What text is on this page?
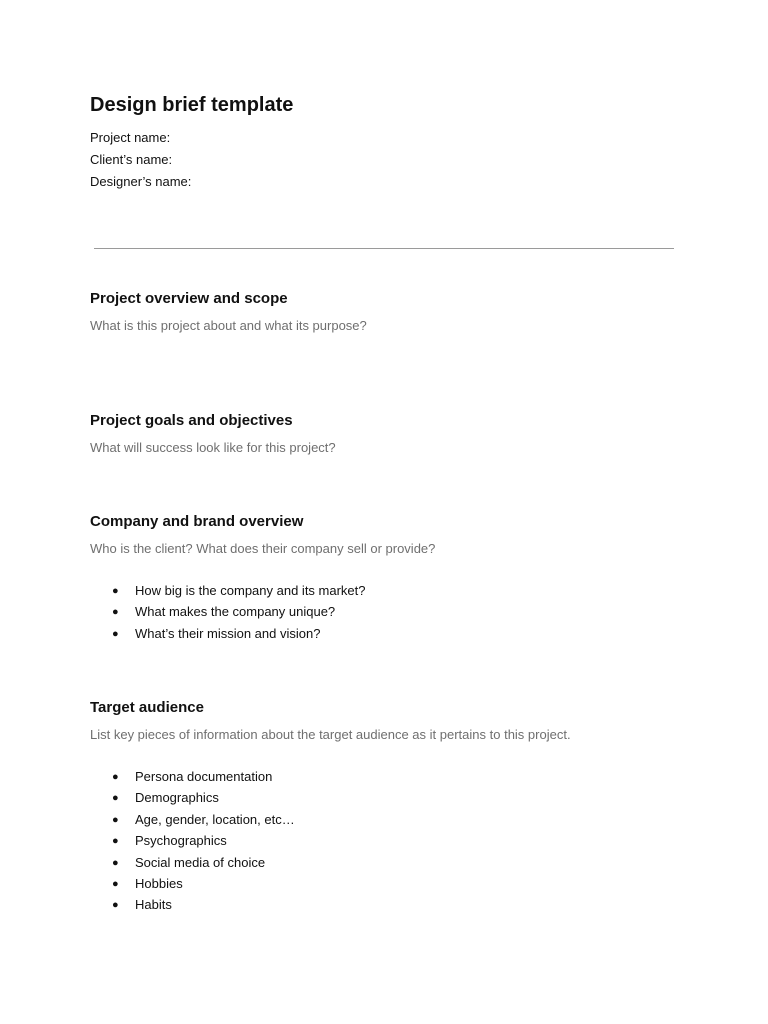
Design brief template

Project name:

Client’s name:

Designer’s name:

Project overview and scope

What is this project about and what its purpose?

Project goals and objectives

What will success look like for this project?

Company and brand overview

Who is the client? What does their company sell or provide?

● How big is the company and its market?
● What makes the company unique?
● What’s their mission and vision?
Target audience

List key pieces of information about the target audience as it pertains to this project.

● Persona documentation
● Demographics
● Age, gender, location, etc…
● Psychographics
● Social media of choice
● Hobbies
● Habits
